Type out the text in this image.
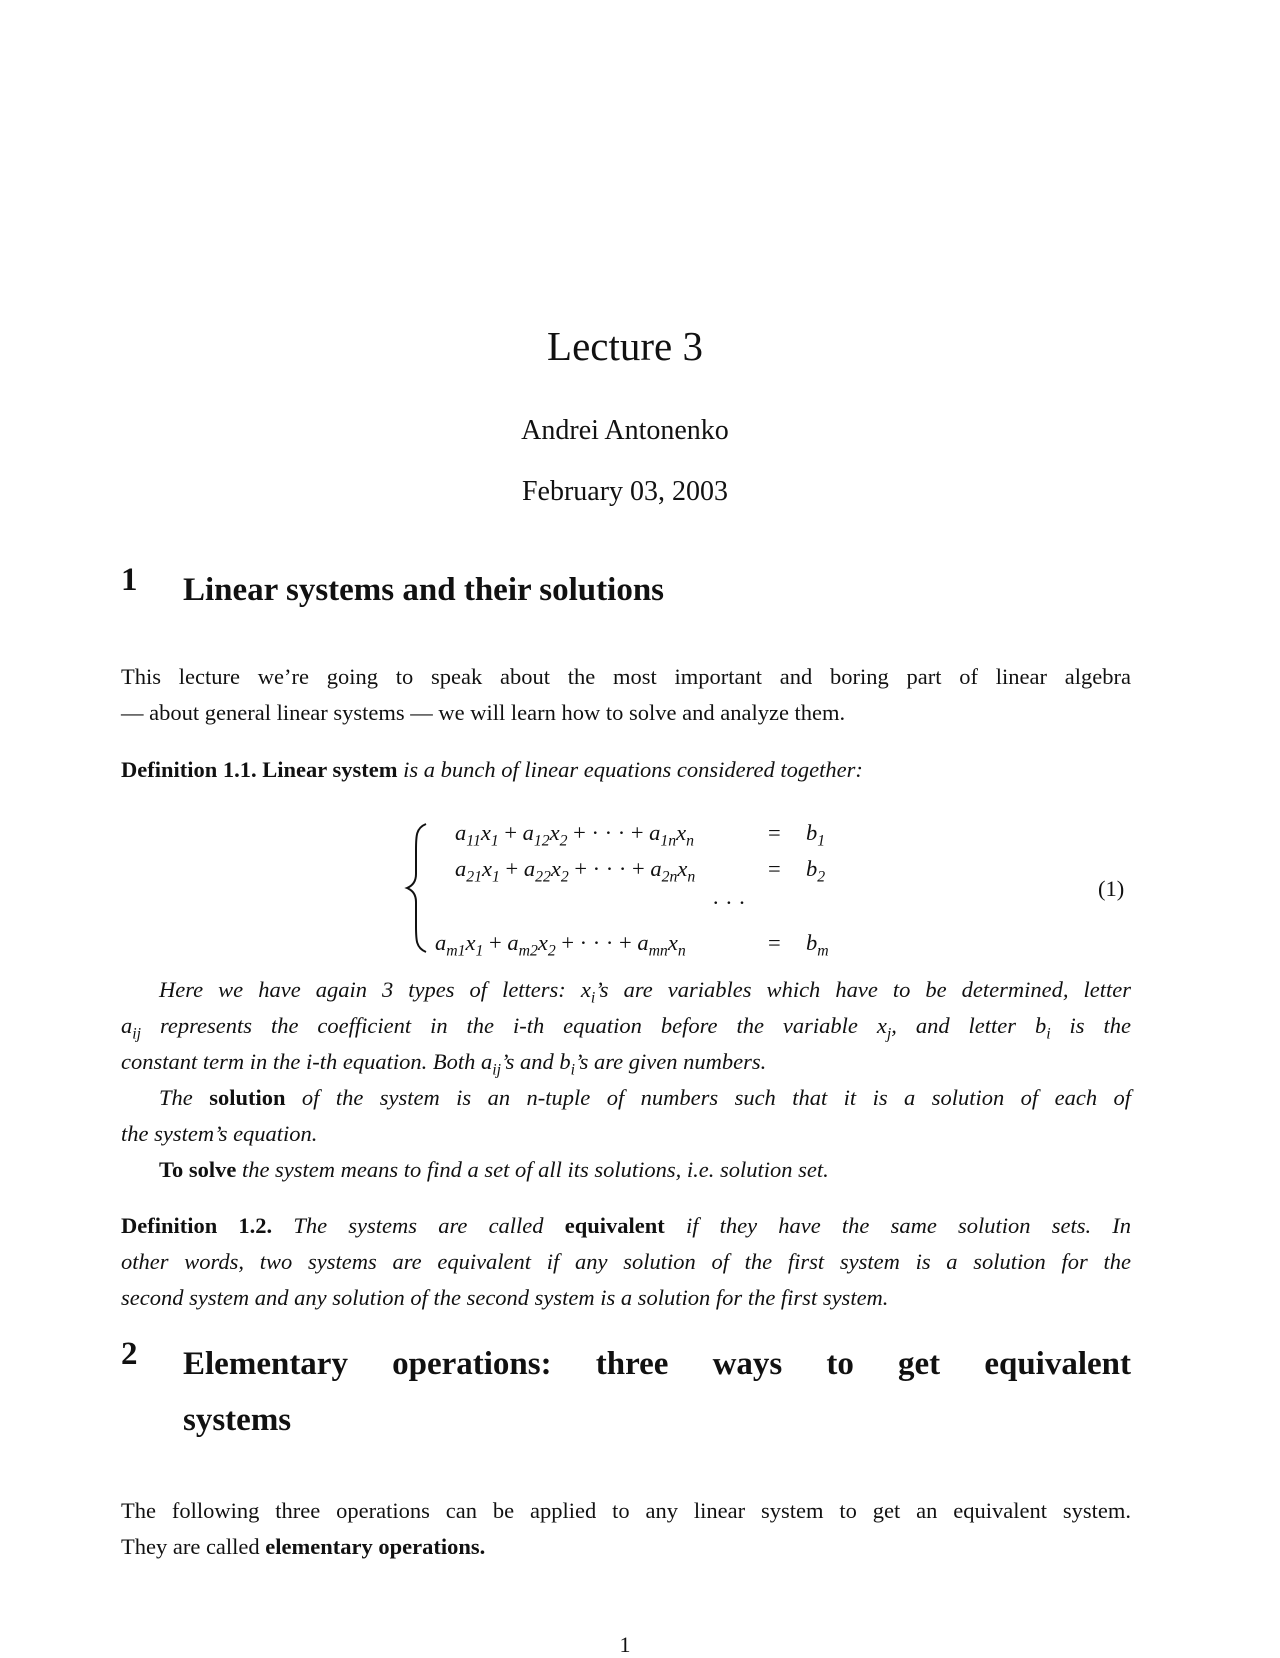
Lecture 3
Andrei Antonenko
February 03, 2003
1 Linear systems and their solutions
This lecture we’re going to speak about the most important and boring part of linear algebra
— about general linear systems — we will learn how to solve and analyze them.
Definition 1.1. Linear system is a bunch of linear equations considered together:
$a_{11}x_1 + a_{12}x_2$ + · · · + $a_{1n}x_n$	= $b_1$
$a_{21}x_1 + a_{22}x_2$ + · · · + $a_{2n}x_n$	= $b_2$
· · ·
$a_{m1}x_1 + a_{m2}x_2$ + · · · + $a_{mn}x_n$	= $b_m$
(1)
Here we have again 3 types of letters: $x_i’s$ are variables which have to be determined, letter
$a_{ij}$ represents the coefficient in the i-th equation before the variable $x_j$, and letter $b_i$ is the
constant term in the i-th equation. Both $a_{ij}’s$ and $b_i’s$ are given numbers.
The solution of the system is an n-tuple of numbers such that it is a solution of each of
the system’s equation.
To solve the system means to find a set of all its solutions, i.e. solution set.
Definition 1.2. The systems are called equivalent if they have the same solution sets. In
other words, two systems are equivalent if any solution of the first system is a solution for the
second system and any solution of the second system is a solution for the first system.
2 Elementary operations: three ways to get equivalent
systems
The following three operations can be applied to any linear system to get an equivalent system.
They are called elementary operations.
1
